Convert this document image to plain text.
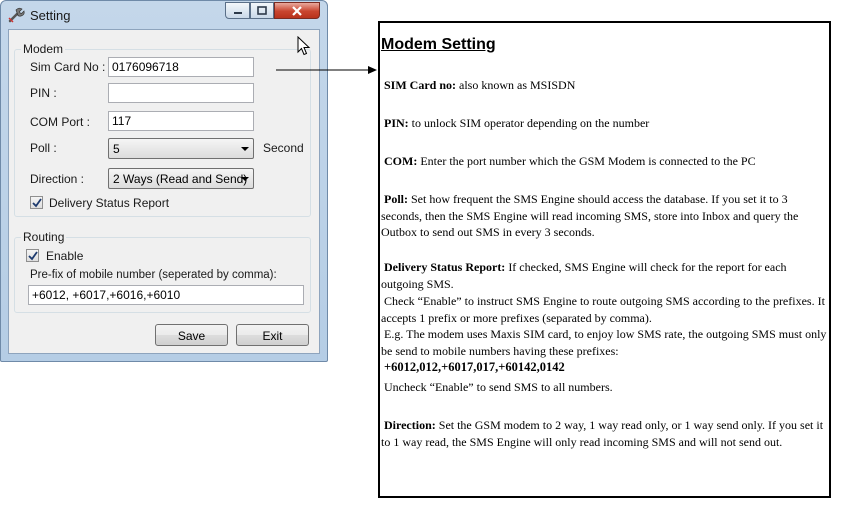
Setting
Modem
Sim Card No :
0176096718
PIN :
COM Port :
117
Poll :	5	Second
Direction :	2 Ways (Read and Send)
Delivery Status Report
Routing
Enable
Pre-fix of mobile number (seperated by comma):
+6012, +6017,+6016,+6010
Save	Exit
Modem Setting
SIM Card no: also known as MSISDN
PIN: to unlock SIM operator depending on the number
COM: Enter the port number which the GSM Modem is connected to the PC
Poll: Set how frequent the SMS Engine should access the database. If you set it to 3 seconds, then the SMS Engine will read incoming SMS, store into Inbox and query the Outbox to send out SMS in every 3 seconds.
Delivery Status Report: If checked, SMS Engine will check for the report for each outgoing SMS.
Check “Enable” to instruct SMS Engine to route outgoing SMS according to the prefixes. It accepts 1 prefix or more prefixes (separated by comma).
E.g. The modem uses Maxis SIM card, to enjoy low SMS rate, the outgoing SMS must only be send to mobile numbers having these prefixes:
+6012,012,+6017,017,+60142,0142
Uncheck “Enable” to send SMS to all numbers.
Direction: Set the GSM modem to 2 way, 1 way read only, or 1 way send only. If you set it to 1 way read, the SMS Engine will only read incoming SMS and will not send out.
